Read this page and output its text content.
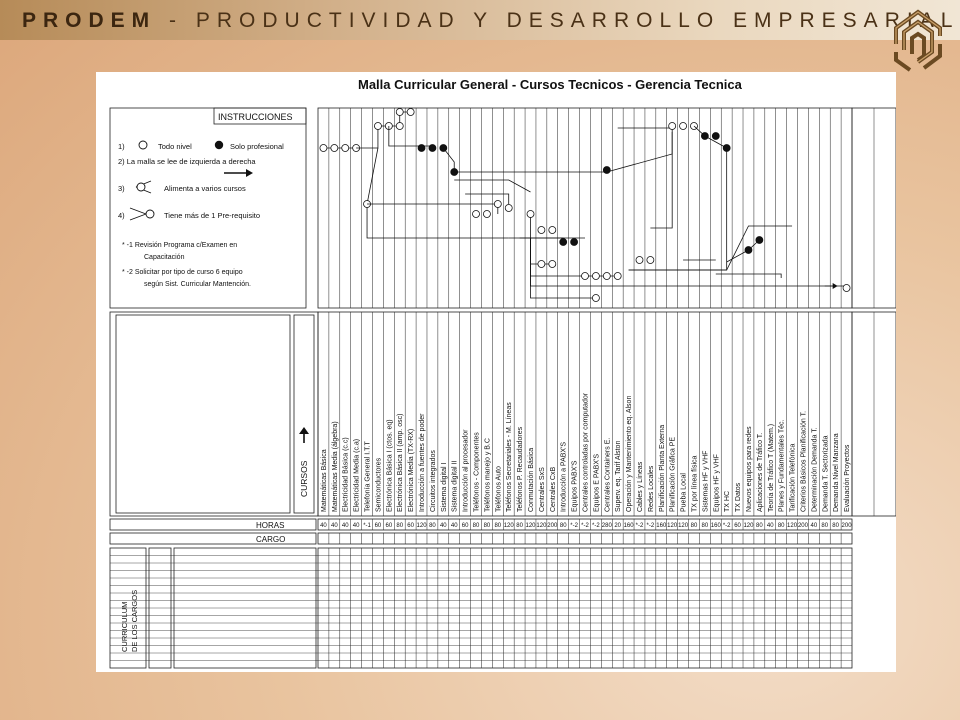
PRODEM - PRODUCTIVIDAD Y DESARROLLO EMPRESARIAL
Malla Curricular General - Cursos Tecnicos - Gerencia Tecnica
INSTRUCCIONES
1)	Todo nivel	Solo profesional
2) La malla se lee de izquierda a derecha
3)	Alimenta a varios cursos
4)	Tiene más de 1 Pre-requisito
* -1 Revisión Programa c/Examen en
Capacitación
* -2 Solicitar por tipo de curso 6 equipo
según Sist. Curricular Mantención.
CURSOS
HORAS
CARGO
CURRICULUM DE LOS CARGOS
Matemáticas Básica
40
Matemáticas Media (álgebra)
40
Electricidad Básica (c.c)
40
Electricidad Media (c.a)
40
Telefonía General I.T.T
*-1
Semiconductores
60
Electrónica Básica I (ctos. eq)
60
Electrónica Básica II (amp. osc)
80
Electrónica Media (TX-RX)
60
Introducción a fuentes de poder
120
Circuitos integrados
80
Sistema digital I
40
Sistema digital II
40
Introducción al procesador
60
Teléfonos - Componentes
80
Teléfonos manejo y B.C
80
Teléfonos Auto
80
Teléfonos Secretariales - M. Líneas
120
Teléfonos P. Recaudadores
80
Conmutación Básica
120
Centrales SxS
120
Centrales CxB
200
Introducción a PABX'S
80
Equipos PABX'S
*-2
Centrales controladas por computador
*-2
Equipos E PABX'S
*-2
Centrales Containers E.
280
Superv. eq. Tarif Alston
20
Operación y Mantenimiento eq. Alson
160
Cables y Líneas
*-2
Redes Locales
*-2
Planificación Planta Externa
160
Planificación Gráfica PE
120
Pueba Local
120
TX por línea física
80
Sistemas HF y VHF
80
Equipos HF y VHF
160
TX HC
*-2
TX Datos
60
Nuevos equipos para redes
120
Aplicaciones de Tráfico T.
80
Teoría de Tráfico T (Matem.)
40
Planes y Fundamentales Téc.
80
Tarificación Telefónica
120
Criterios Básicos Planificación T.
200
Determinación Demanda T.
40
Demanda T. Sectorizada
80
Demanda Nivel Manzana
80
Evaluación Proyectos
200
